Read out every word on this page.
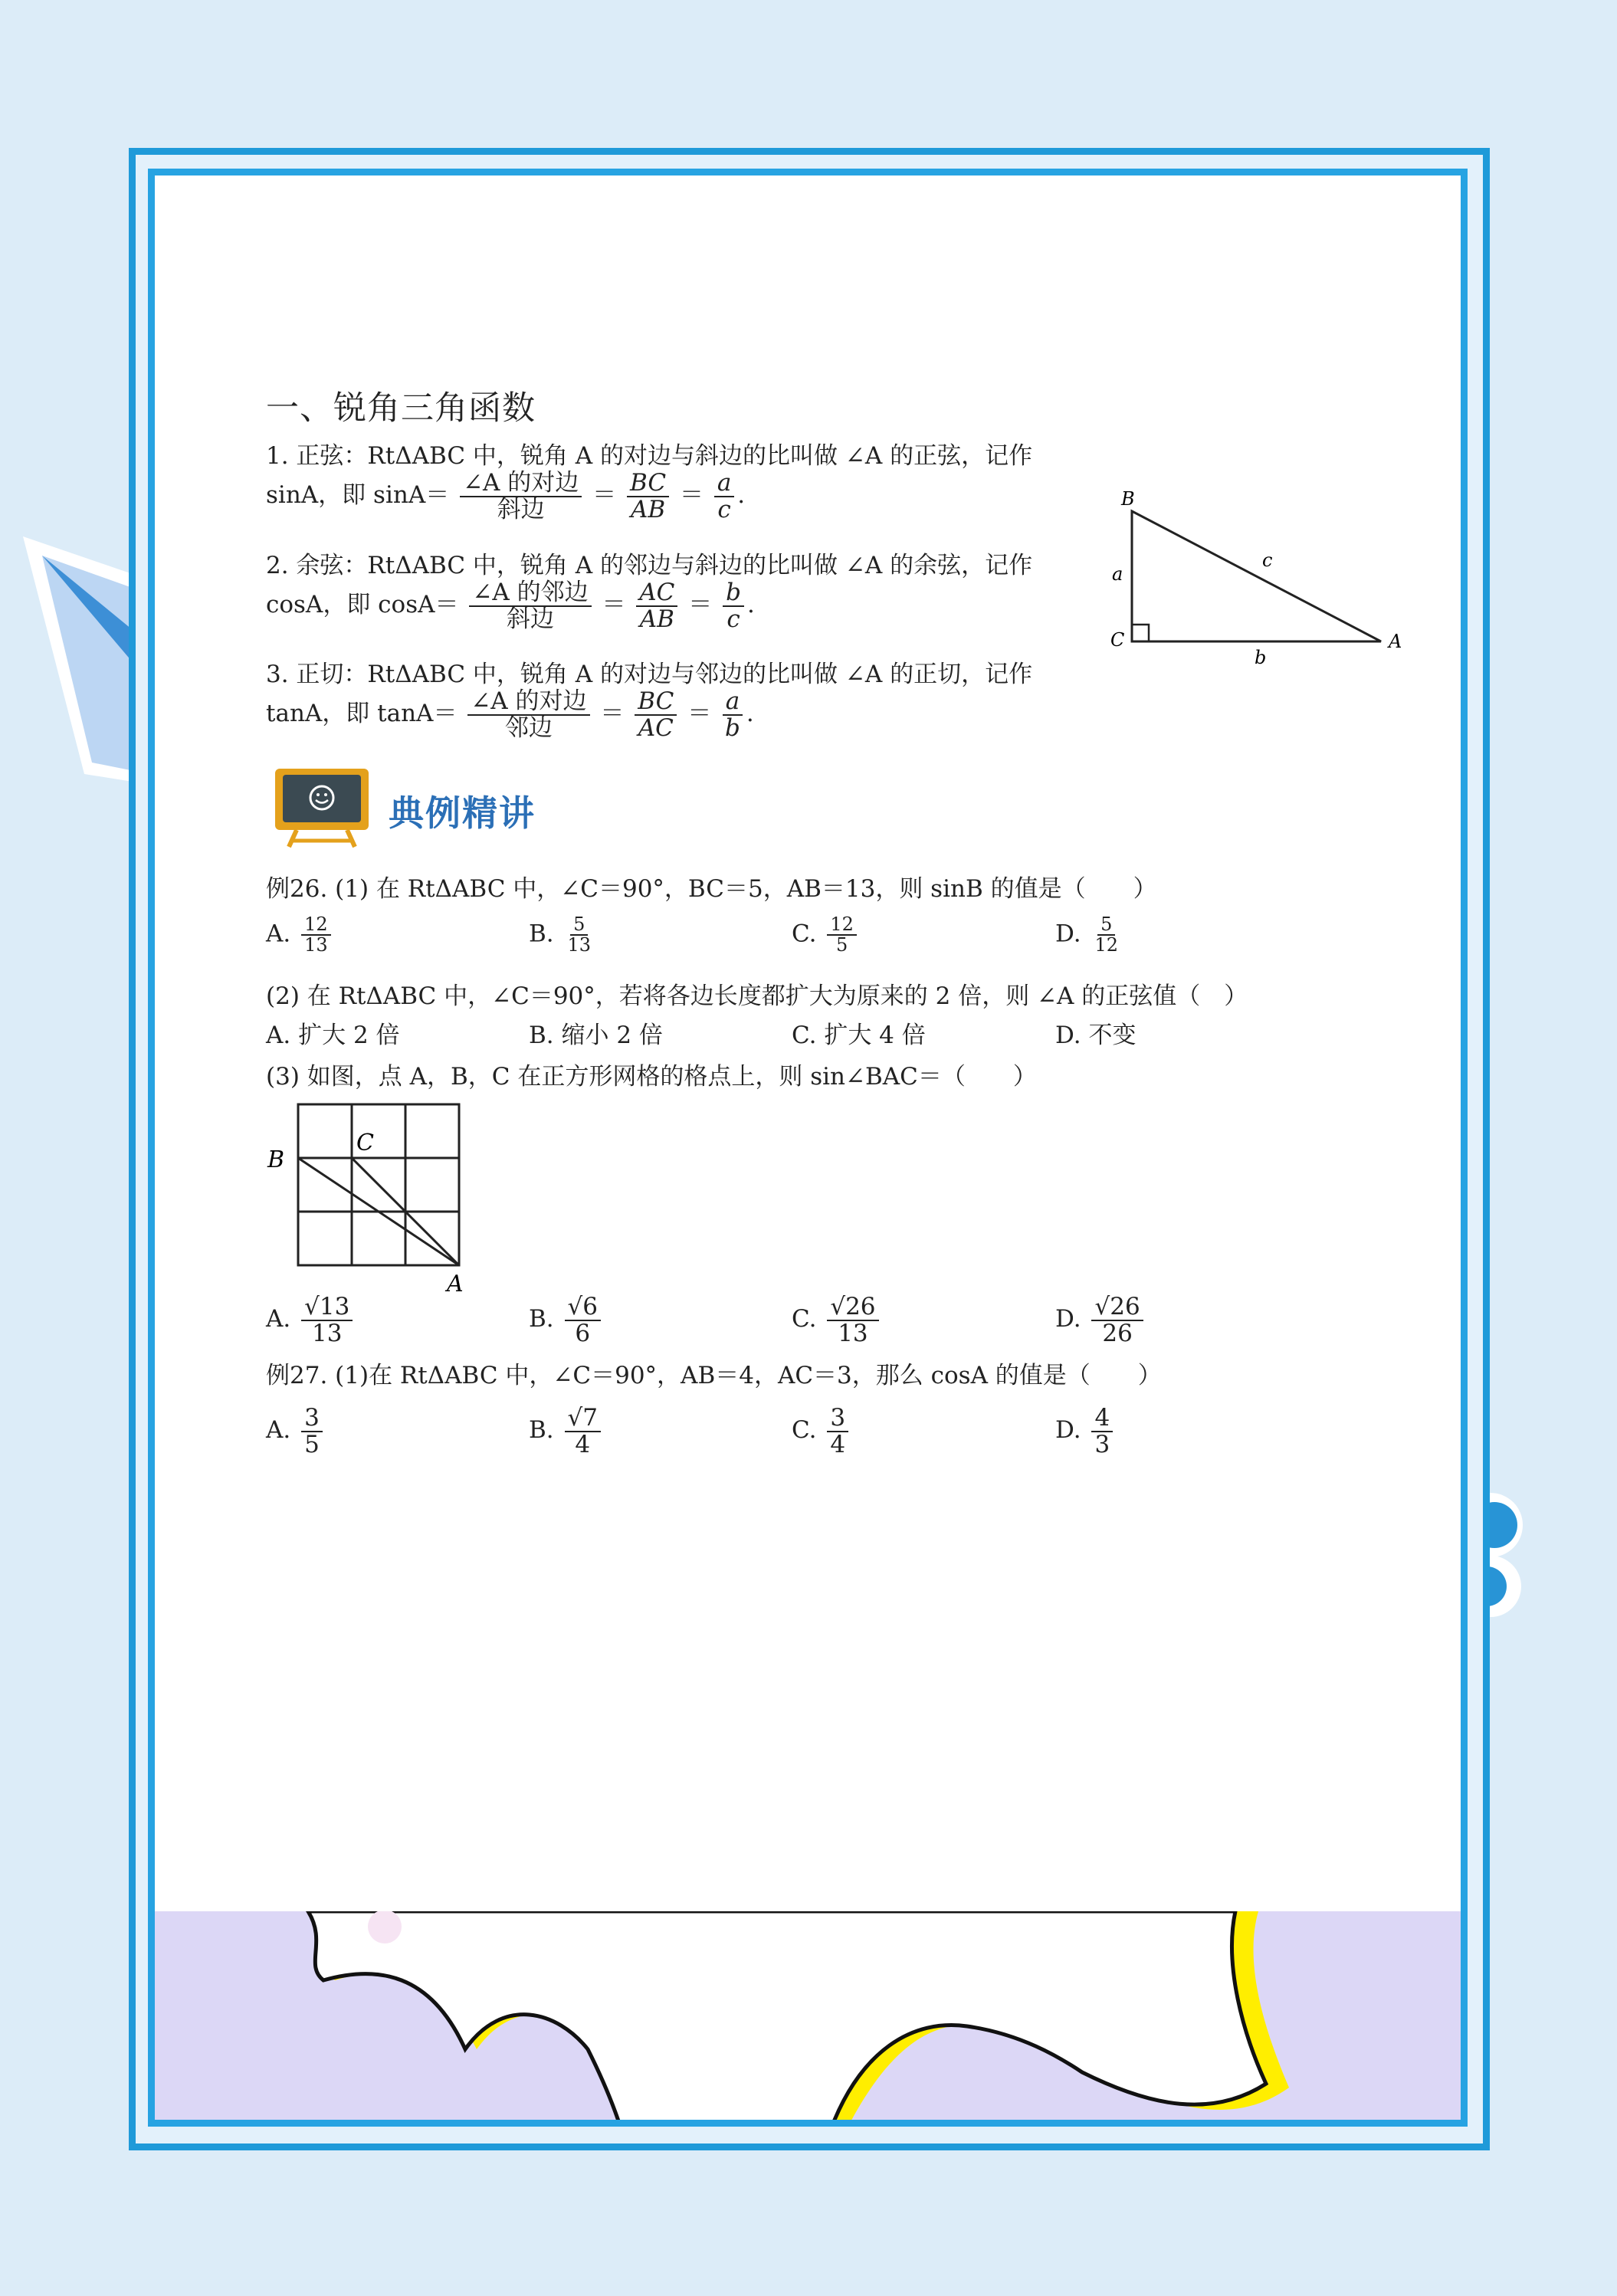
一、锐角三角函数
1. 正弦：RtΔABC 中，锐角 A 的对边与斜边的比叫做 ∠A 的正弦，记作
sinA，即 $\sin A= \frac{\text{∠A 的对边}}{\text{斜边}} = \frac{BC}{AB} = \frac{a}{c}$ .
2. 余弦：RtΔABC 中，锐角 A 的邻边与斜边的比叫做 ∠A 的余弦，记作
cosA，即 $\cos A= \frac{\text{∠A 的邻边}}{\text{斜边}} = \frac{AC}{AB} = \frac{b}{c}$ .
3. 正切：RtΔABC 中，锐角 A 的对边与邻边的比叫做 ∠A 的正切，记作
tanA，即 $\tan A= \frac{\text{∠A 的对边}}{\text{邻边}} = \frac{BC}{AC} = \frac{a}{b}$ .
B
C	A
a
b
c
典例精讲
例26. (1) 在 RtΔABC 中，∠C＝90°，BC＝5，AB＝13，则 sinB 的值是（　　）
A. $\frac{12}{13}$	B. $\frac{5}{13}$	C. $\frac{12}{5}$	D. $\frac{5}{12}$
(2) 在 RtΔABC 中，∠C＝90°，若将各边长度都扩大为原来的 2 倍，则 ∠A 的正弦值（　）
A. 扩大 2 倍	B. 缩小 2 倍	C. 扩大 4 倍	D. 不变
(3) 如图，点 A，B，C 在正方形网格的格点上，则 sin∠BAC＝（　　）
B
C
A
A. $\frac{√13}{13}$	B. $\frac{√6}{6}$	C. $\frac{√26}{13}$	D. $\frac{√26}{26}$
例27. (1)在 RtΔABC 中，∠C＝90°，AB＝4，AC＝3，那么 cosA 的值是（　　）
A. $\frac{3}{5}$	B. $\frac{√7}{4}$	C. $\frac{3}{4}$	D. $\frac{4}{3}$
